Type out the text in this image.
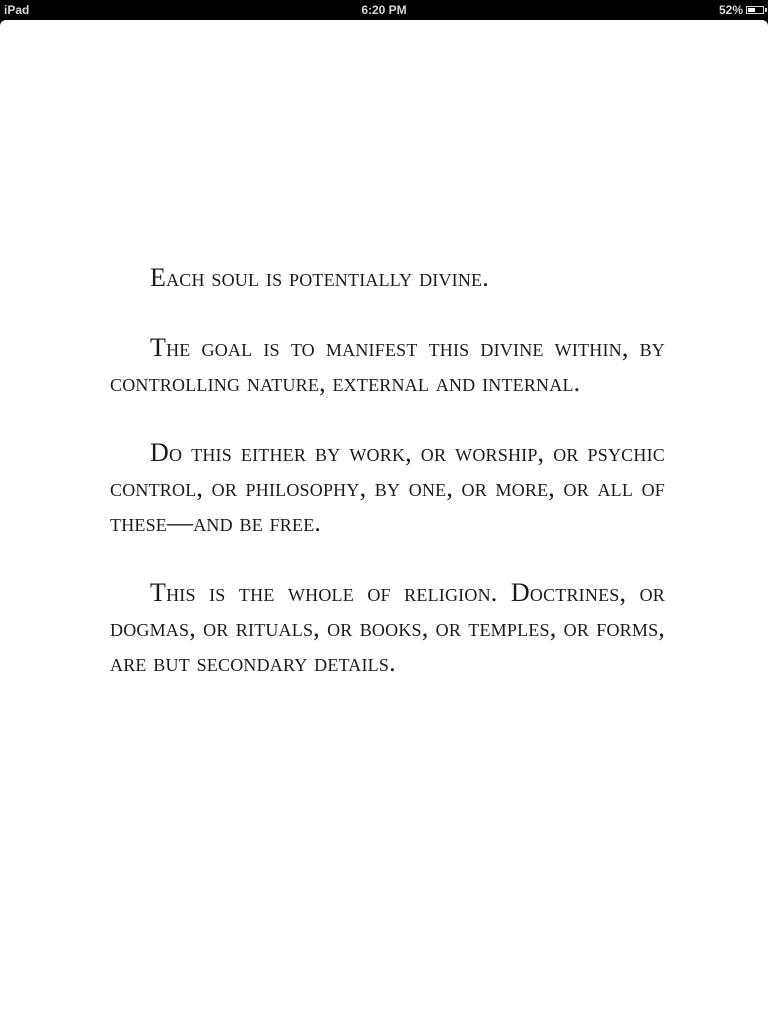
iPad	6:20 PM	52%

Each soul is potentially divine.

The goal is to manifest this divine within, by controlling nature, external and internal.

Do this either by work, or worship, or psychic control, or philosophy, by one, or more, or all of these—and be free.

This is the whole of religion. Doctrines, or dogmas, or rituals, or books, or temples, or forms, are but secondary details.
